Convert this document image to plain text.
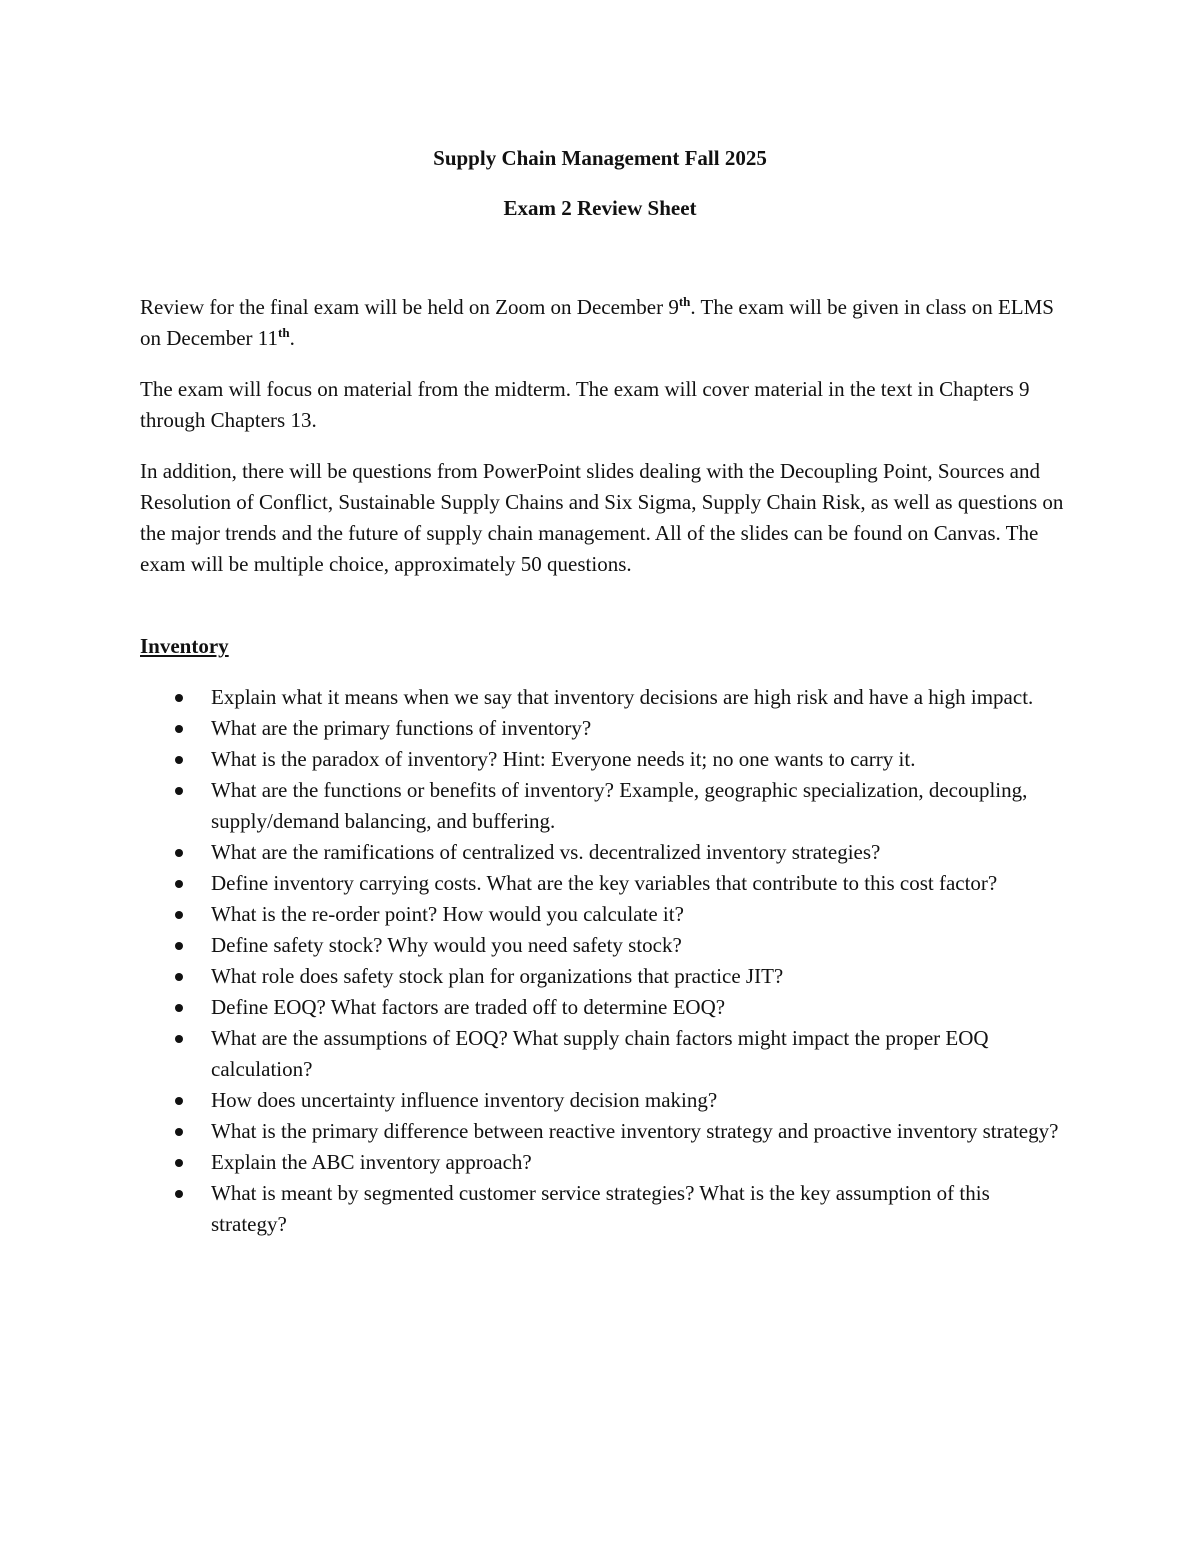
Supply Chain Management Fall 2025
Exam 2 Review Sheet

Review for the final exam will be held on Zoom on December 9th. The exam will be given in class on ELMS on December 11th.

The exam will focus on material from the midterm. The exam will cover material in the text in Chapters 9 through Chapters 13.

In addition, there will be questions from PowerPoint slides dealing with the Decoupling Point, Sources and Resolution of Conflict, Sustainable Supply Chains and Six Sigma, Supply Chain Risk, as well as questions on the major trends and the future of supply chain management. All of the slides can be found on Canvas. The exam will be multiple choice, approximately 50 questions.

Inventory
Explain what it means when we say that inventory decisions are high risk and have a high impact.
What are the primary functions of inventory?
What is the paradox of inventory? Hint: Everyone needs it; no one wants to carry it.
What are the functions or benefits of inventory? Example, geographic specialization, decoupling, supply/demand balancing, and buffering.
What are the ramifications of centralized vs. decentralized inventory strategies?
Define inventory carrying costs. What are the key variables that contribute to this cost factor?
What is the re-order point? How would you calculate it?
Define safety stock? Why would you need safety stock?
What role does safety stock plan for organizations that practice JIT?
Define EOQ? What factors are traded off to determine EOQ?
What are the assumptions of EOQ? What supply chain factors might impact the proper EOQ calculation?
How does uncertainty influence inventory decision making?
What is the primary difference between reactive inventory strategy and proactive inventory strategy?
Explain the ABC inventory approach?
What is meant by segmented customer service strategies? What is the key assumption of this strategy?
